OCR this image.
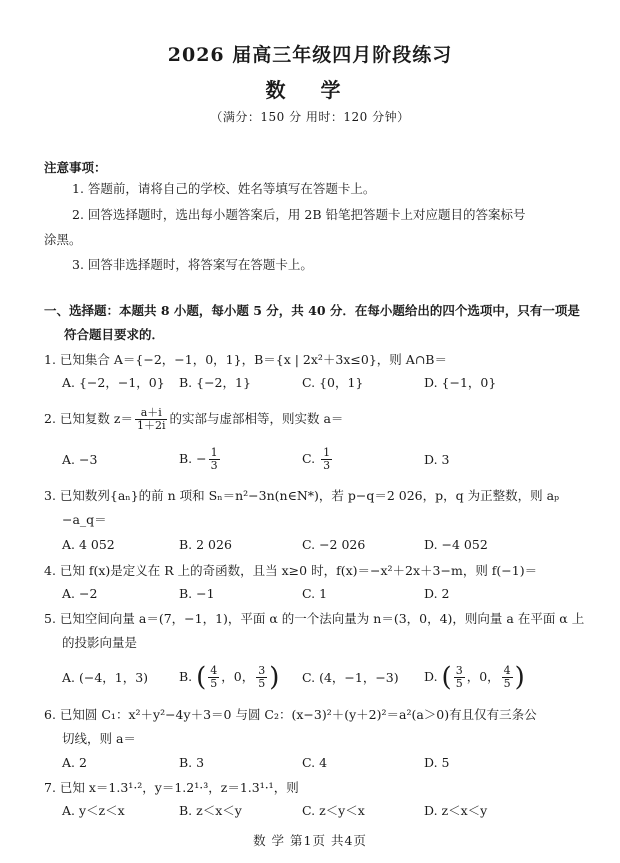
2026 届高三年级四月阶段练习
数 学
（满分：150 分 用时：120 分钟）
注意事项：
1. 答题前，请将自己的学校、姓名等填写在答题卡上。
2. 回答选择题时，选出每小题答案后，用 2B 铅笔把答题卡上对应题目的答案标号
涂黑。
3. 回答非选择题时，将答案写在答题卡上。
一、选择题：本题共 8 小题，每小题 5 分，共 40 分．在每小题给出的四个选项中，只有一项是
符合题目要求的．
1. 已知集合 A＝{−2，−1，0，1}，B＝{x | 2x²＋3x≤0}，则 A∩B＝
A. {−2，−1，0} B. {−2，1}	C. {0，1}	D. {−1，0}
2. 已知复数 $z= \frac{a+i}{1+2i}$ 的实部与虚部相等，则实数 a＝
A. −3	B. − $\frac{1}{3}$	C. $\frac{1}{3}$	D. 3
3. 已知数列{aₙ}的前 n 项和 Sₙ＝n²−3n(n∈N*)，若 p−q＝2 026，p，q 为正整数，则 aₚ
−a_q＝
A. 4 052	B. 2 026	C. −2 026	D. −4 052
4. 已知 f(x)是定义在 R 上的奇函数，且当 x≥0 时，f(x)＝−x²＋2x＋3−m，则 f(−1)＝
A. −2	B. −1	C. 1	D. 2
5. 已知空间向量 a＝(7，−1，1)，平面 α 的一个法向量为 n＝(3，0，4)，则向量 a 在平面 α 上
的投影向量是
A. (−4，1，3) B. ( $\frac{4}{5}$ ，0， $\frac{3}{5}$ ) C. (4，−1，−3) D. ( $\frac{3}{5}$ ，0， $\frac{4}{5}$ )
6. 已知圆 C₁：x²＋y²−4y＋3＝0 与圆 C₂：(x−3)²＋(y＋2)²＝a²(a＞0)有且仅有三条公
切线，则 a＝
A. 2	B. 3	C. 4	D. 5
7. 已知 x＝1.3¹·²，y＝1.2¹·³，z＝1.3¹·¹，则
A. y＜z＜x	B. z＜x＜y	C. z＜y＜x	D. z＜x＜y
数 学 第1页 共4页
